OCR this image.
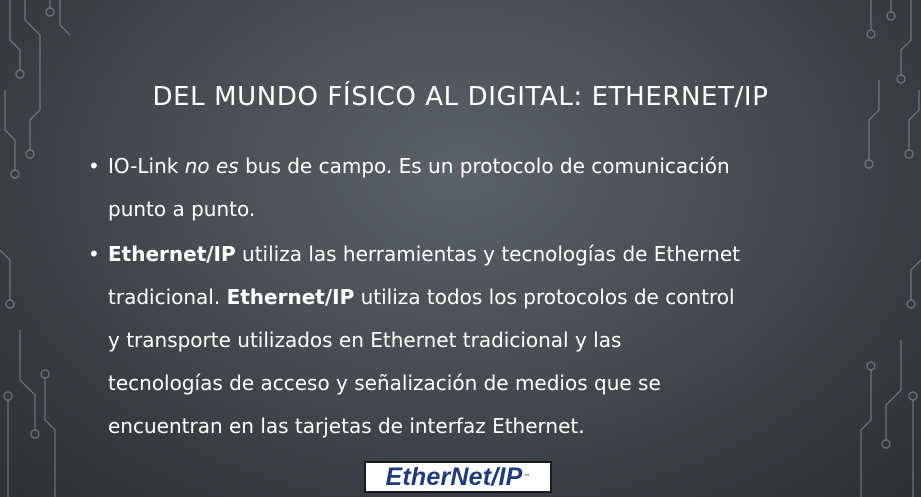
DEL MUNDO FÍSICO AL DIGITAL: ETHERNET/IP
• IO-Link no es bus de campo. Es un protocolo de comunicación
punto a punto.
• Ethernet/IP utiliza las herramientas y tecnologías de Ethernet
tradicional. Ethernet/IP utiliza todos los protocolos de control
y transporte utilizados en Ethernet tradicional y las
tecnologías de acceso y señalización de medios que se
encuentran en las tarjetas de interfaz Ethernet.
EtherNet/IP ™
